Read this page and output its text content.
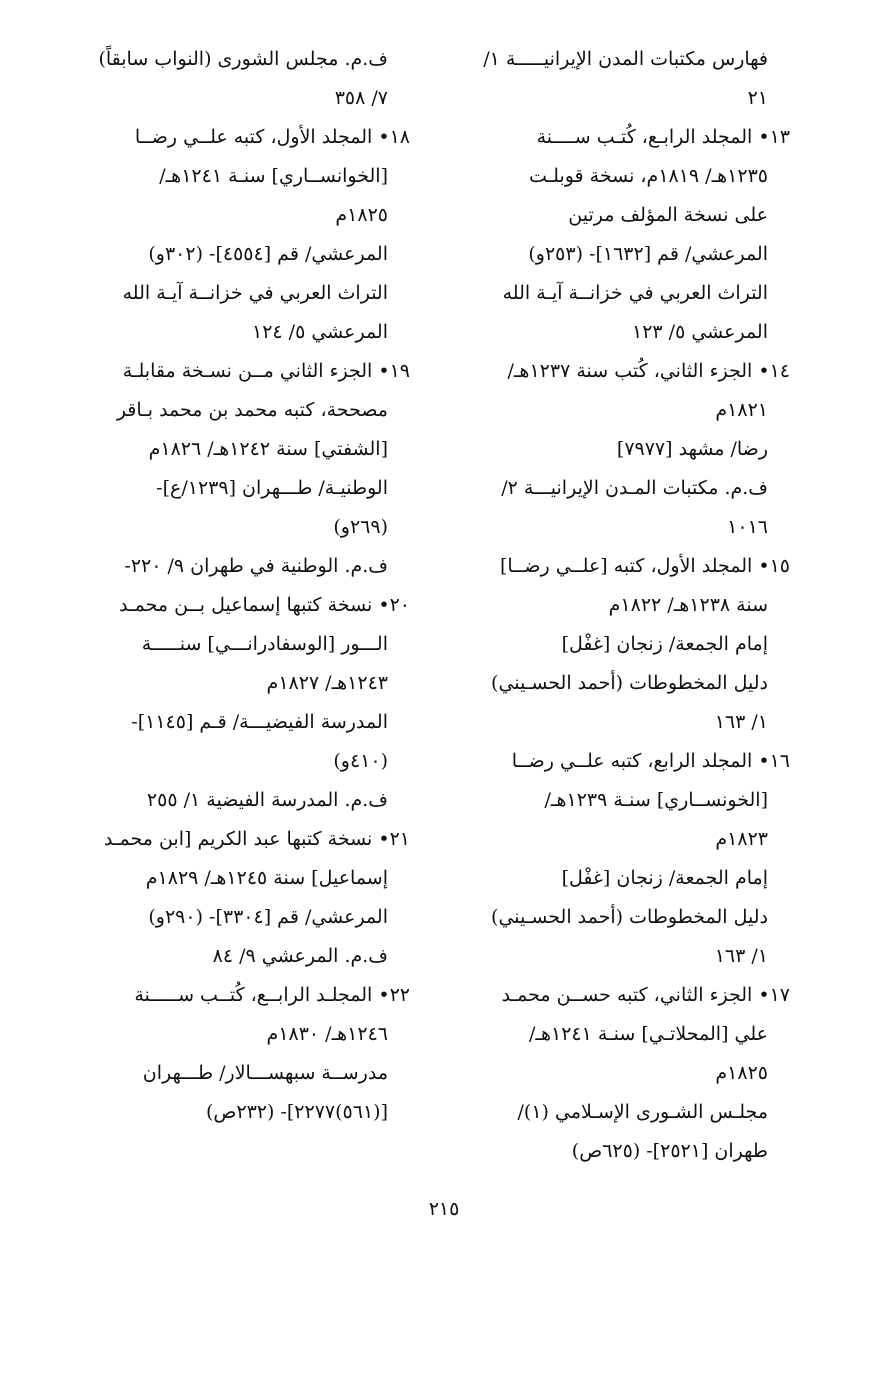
فهارس مكتبات المدن الإيرانيـــــة ١/
٢١
١٣• المجلد الرابـع، كُتـب ســــنة
١٢٣٥هـ/ ١٨١٩م، نسخة قوبلـت
على نسخة المؤلف مرتين
المرعشي/ قم [١٦٣٢]- (٢٥٣و)
التراث العربي في خزانــة آيـة الله
المرعشي ٥/ ١٢٣
١٤• الجزء الثاني، كُتب سنة ١٢٣٧هـ/
١٨٢١م
رضا/ مشهد [٧٩٧٧]
ف.م. مكتبات المـدن الإيرانيـــة ٢/
١٠١٦
١٥• المجلد الأول، كتبه [علــي رضــا]
سنة ١٢٣٨هـ/ ١٨٢٢م
إمام الجمعة/ زنجان [غفْل]
دليل المخطوطات (أحمد الحسـيني)
١/ ١٦٣
١٦• المجلد الرابع، كتبه علــي رضــا
[الخونســاري] سنـة ١٢٣٩هـ/
١٨٢٣م
إمام الجمعة/ زنجان [غفْل]
دليل المخطوطات (أحمد الحسـيني)
١/ ١٦٣
١٧• الجزء الثاني، كتبه حســن محمـد
علي [المحلاتـي] سنـة ١٢٤١هـ/
١٨٢٥م
مجلـس الشـورى الإسـلامي (١)/
طهران [٢٥٢١]- (٦٢٥ص)
ف.م. مجلس الشورى (النواب سابقاً)
٧/ ٣٥٨
١٨• المجلد الأول، كتبه علــي رضــا
[الخوانســاري] سنـة ١٢٤١هـ/
١٨٢٥م
المرعشي/ قم [٤٥٥٤]- (٣٠٢و)
التراث العربي في خزانــة آيـة الله
المرعشي ٥/ ١٢٤
١٩• الجزء الثاني مــن نسـخة مقابلـة
مصححة، كتبه محمد بن محمد بـاقر
[الشفتي] سنة ١٢٤٢هـ/ ١٨٢٦م
الوطنيـة/ طـــهران [١٢٣٩/ع]-
(٢٦٩و)
ف.م. الوطنية في طهران ٩/ ٢٢٠-
٢٠• نسخة كتبها إسماعيل بــن محمـد
الـــور [الوسفادرانـــي] سنـــــة
١٢٤٣هـ/ ١٨٢٧م
المدرسة الفيضيـــة/ قـم [١١٤٥]-
(٤١٠و)
ف.م. المدرسة الفيضية ١/ ٢٥٥
٢١• نسخة كتبها عبد الكريم [ابن محمـد
إسماعيل] سنة ١٢٤٥هـ/ ١٨٢٩م
المرعشي/ قم [٣٣٠٤]- (٢٩٠و)
ف.م. المرعشي ٩/ ٨٤
٢٢• المجلـد الرابــع، كُتــب ســـــنة
١٢٤٦هـ/ ١٨٣٠م
مدرســة سبهســـالار/ طـــهران
[(٥٦١)٢٢٧٧]- (٢٣٢ص)
٢١٥
